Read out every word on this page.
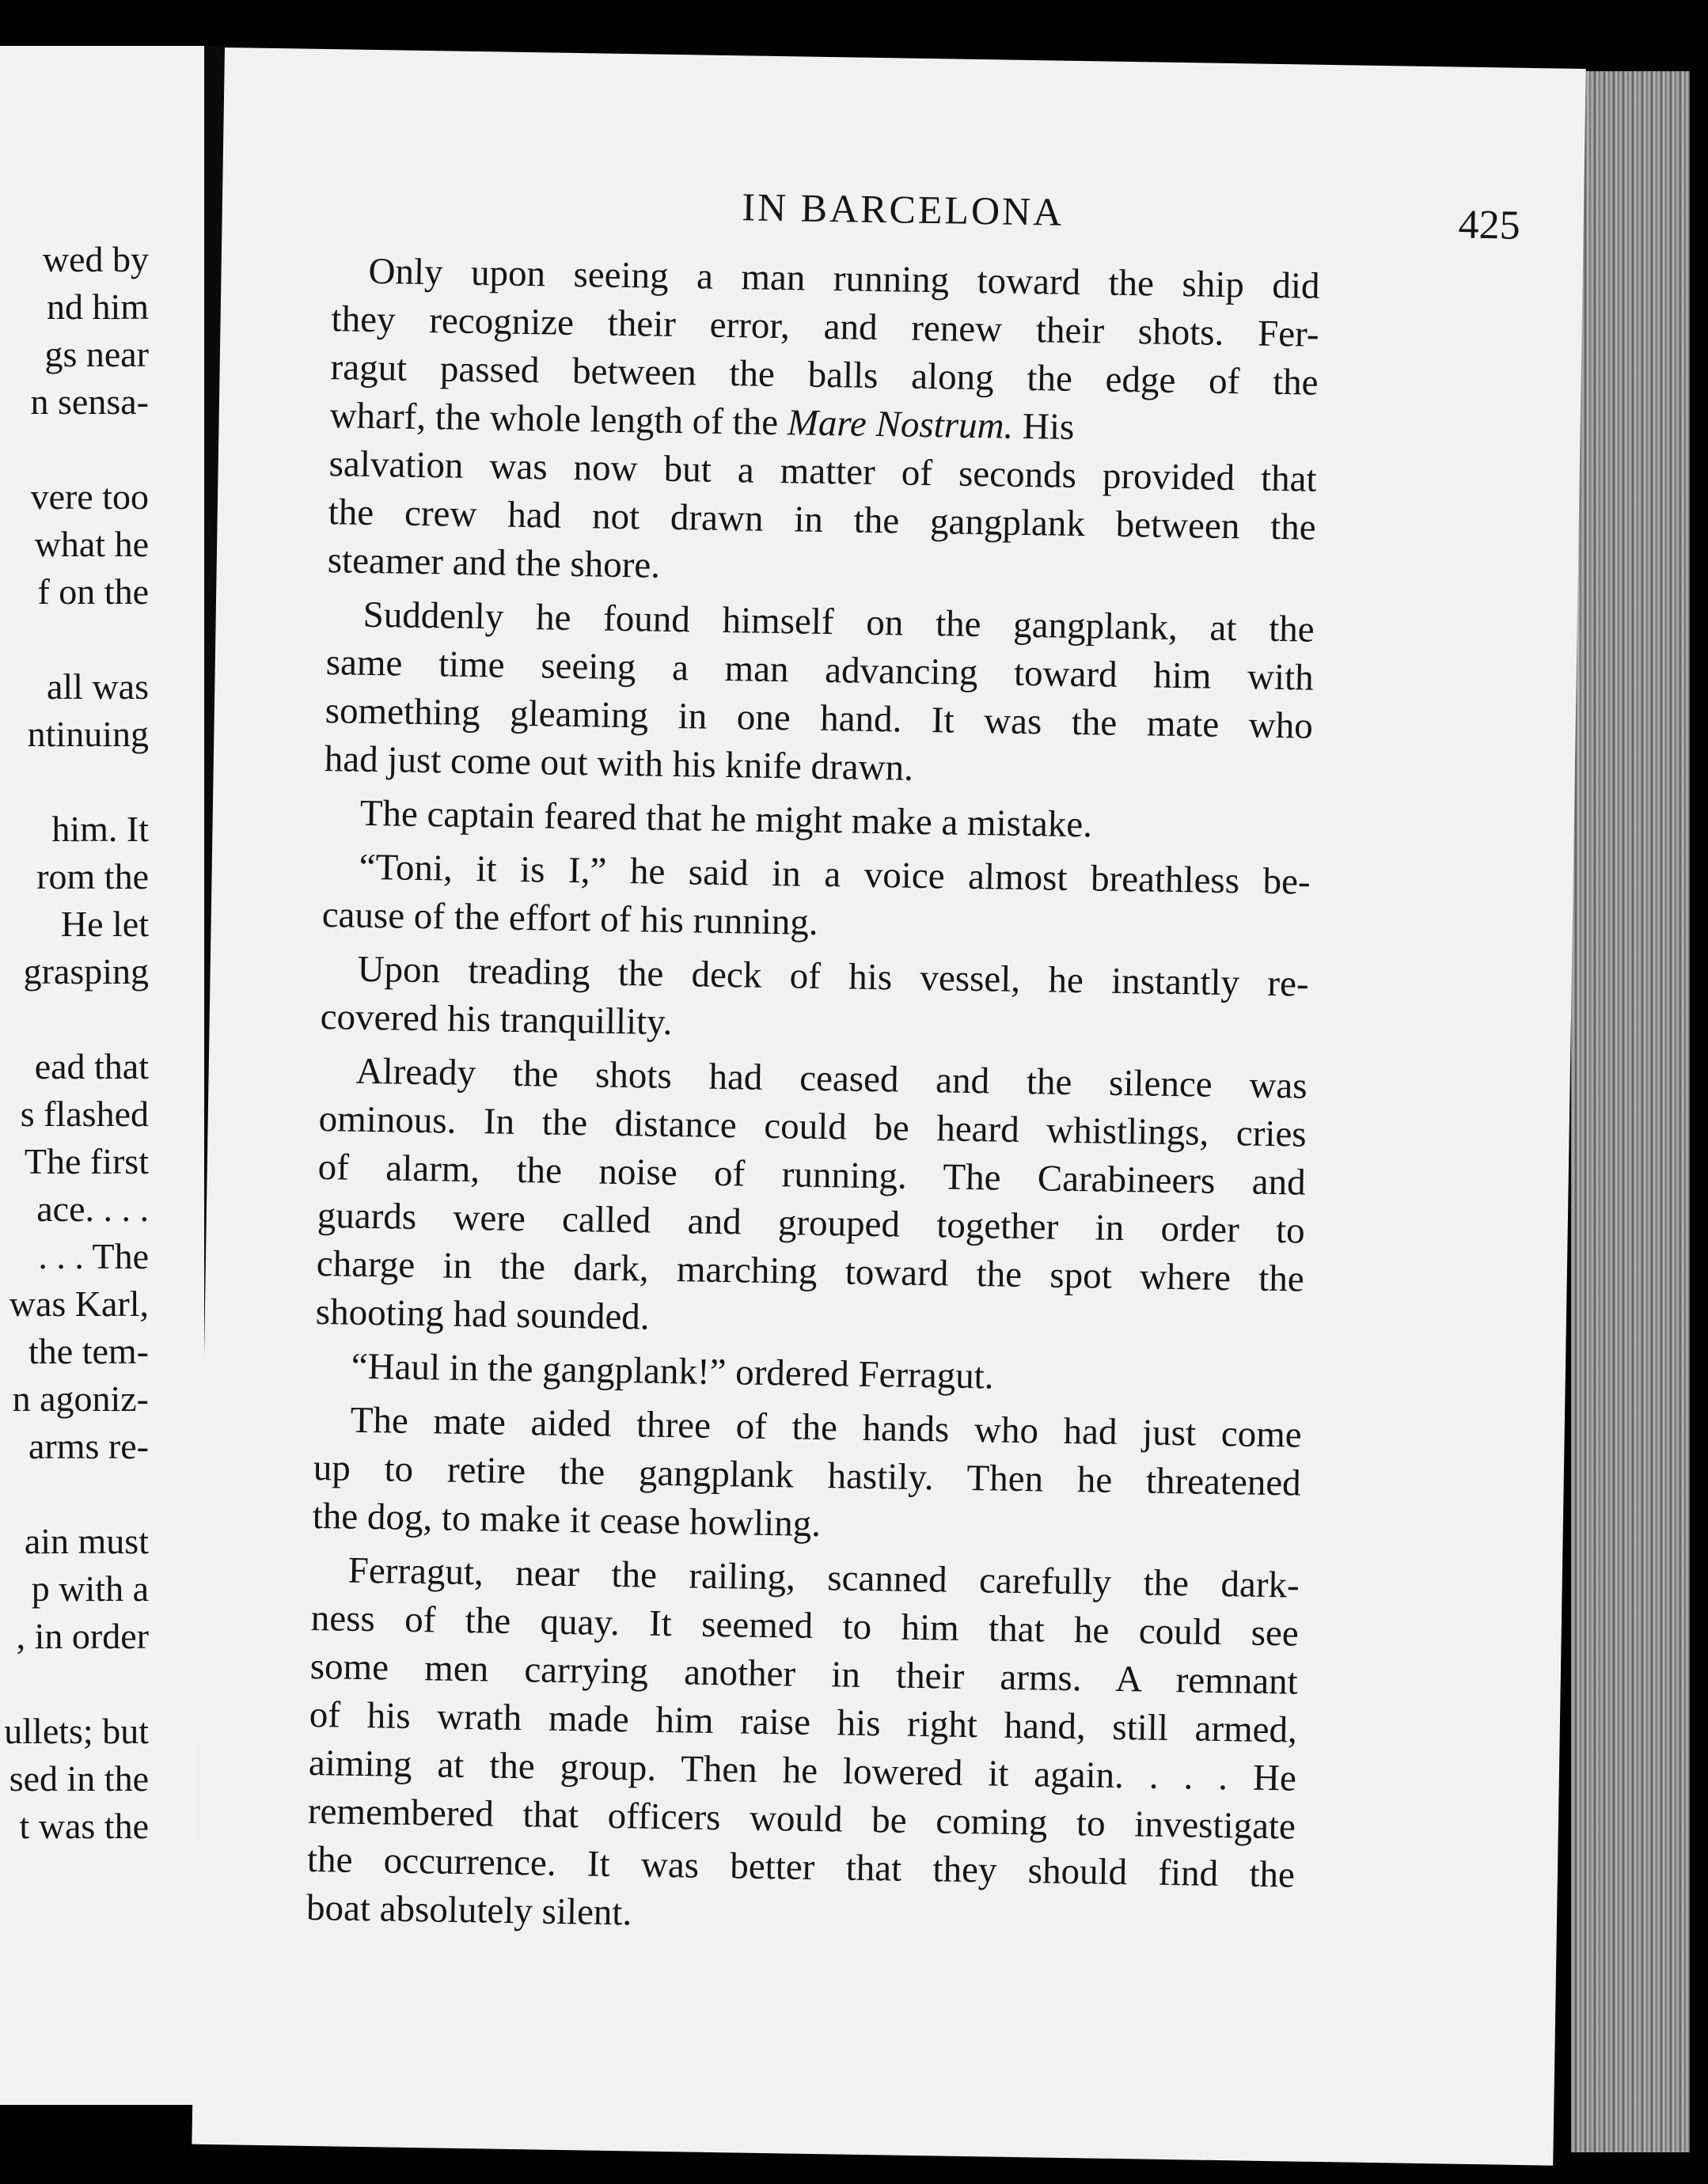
wed by
nd him
gs near
n sensa-
vere too
what he
f on the
all was
ntinuing
him. It
rom the
He let
grasping
ead that
s flashed
The first
ace. . . .
. . . The
was Karl,
the tem-
n agoniz-
arms re-
ain must
p with a
, in order
ullets; but
sed in the
t was the
IN BARCELONA	425
Only upon seeing a man running toward the ship did
they recognize their error, and renew their shots. Fer-
ragut passed between the balls along the edge of the
wharf, the whole length of the Mare Nostrum. His
salvation was now but a matter of seconds provided that
the crew had not drawn in the gangplank between the
steamer and the shore.
Suddenly he found himself on the gangplank, at the
same time seeing a man advancing toward him with
something gleaming in one hand. It was the mate who
had just come out with his knife drawn.
The captain feared that he might make a mistake.
“Toni, it is I,” he said in a voice almost breathless be-
cause of the effort of his running.
Upon treading the deck of his vessel, he instantly re-
covered his tranquillity.
Already the shots had ceased and the silence was
ominous. In the distance could be heard whistlings, cries
of alarm, the noise of running. The Carabineers and
guards were called and grouped together in order to
charge in the dark, marching toward the spot where the
shooting had sounded.
“Haul in the gangplank!” ordered Ferragut.
The mate aided three of the hands who had just come
up to retire the gangplank hastily. Then he threatened
the dog, to make it cease howling.
Ferragut, near the railing, scanned carefully the dark-
ness of the quay. It seemed to him that he could see
some men carrying another in their arms. A remnant
of his wrath made him raise his right hand, still armed,
aiming at the group. Then he lowered it again. . . . He
remembered that officers would be coming to investigate
the occurrence. It was better that they should find the
boat absolutely silent.
